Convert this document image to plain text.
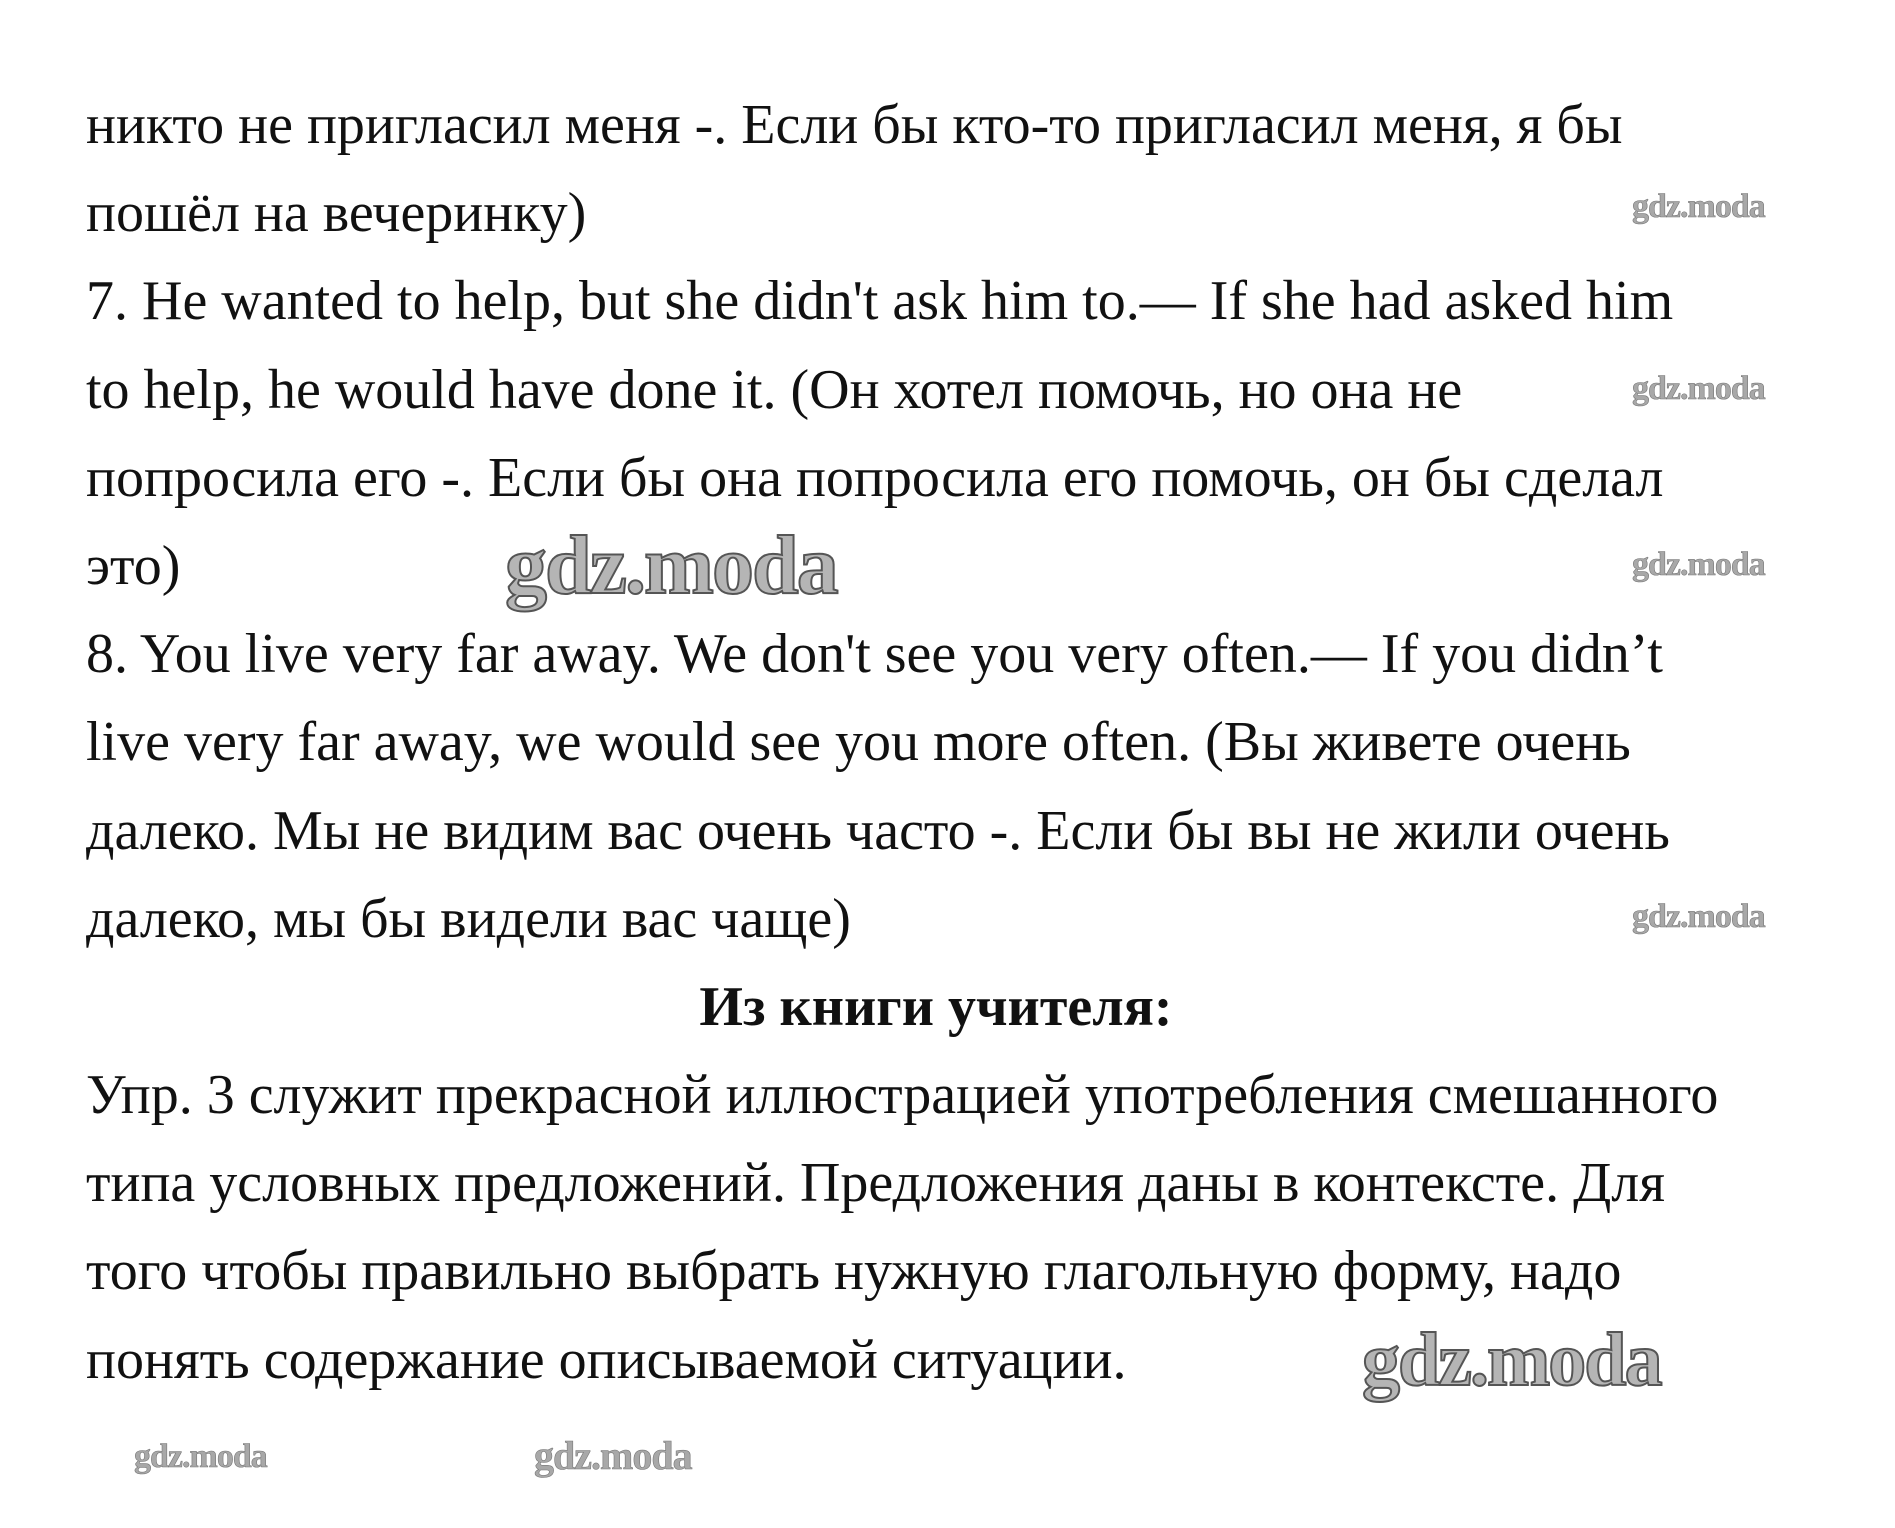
никто не пригласил меня -. Если бы кто-то пригласил меня, я бы
пошёл на вечеринку)
7. He wanted to help, but she didn't ask him to.— If she had asked him
to help, he would have done it. (Он хотел помочь, но она не
попросила его -. Если бы она попросила его помочь, он бы сделал
это)
8. You live very far away. We don't see you very often.— If you didn’t
live very far away, we would see you more often. (Вы живете очень
далеко. Мы не видим вас очень часто -. Если бы вы не жили очень
далеко, мы бы видели вас чаще)
Из книги учителя:
Упр. 3 служит прекрасной иллюстрацией употребления смешанного
типа условных предложений. Предложения даны в контексте. Для
того чтобы правильно выбрать нужную глагольную форму, надо
понять содержание описываемой ситуации.
gdz.moda
gdz.moda
gdz.moda
gdz.moda
gdz.moda
gdz.moda
gdz.moda	gdz.moda
